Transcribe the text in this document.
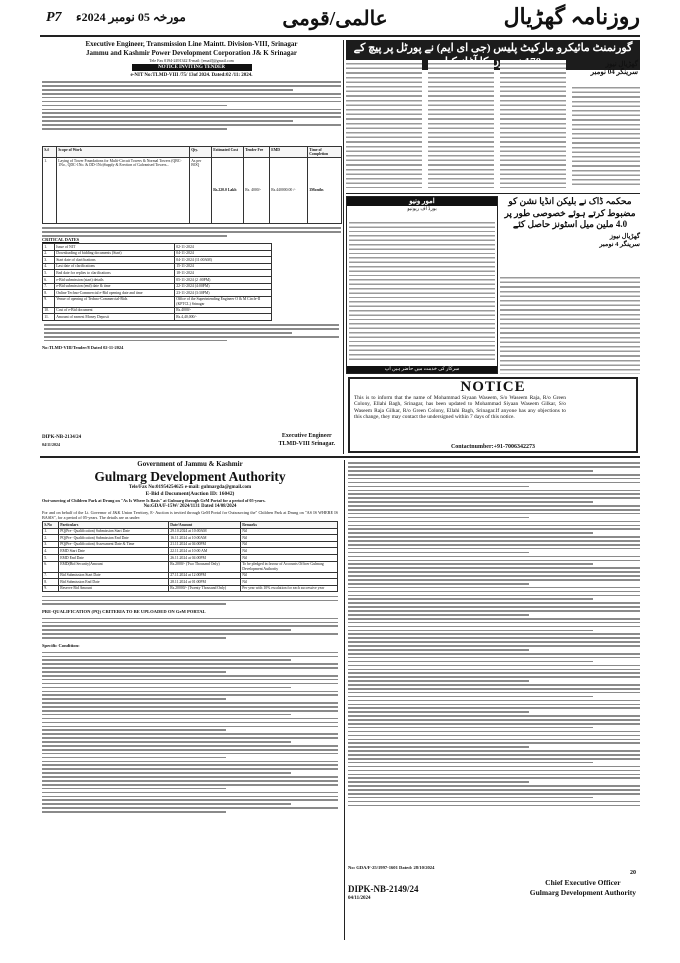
P7 مورخہ 05 نومبر 2024ء	عالمی/قومی	روزنامہ گھڑیال
Executive Engineer, Transmission Line Maintt. Division-VIII, Srinagar
Jammu and Kashmir Power Development Corporation J& K Srinagar
Tele Fax 0194-2491342 E-mail: [email]@gmail.com
NOTICE INVITING TENDER
e-NIT No:TLMD-VIII /75/ 13of 2024. Dated:02 /11: 2024.
S.#	Scope of Work	Qty.	Estimated Cost	Tender Fee	EMD	Time of Completion
1.	Laying of Tower Foundations for Multi-Circuit Towers & Normal Towers (QBC-1No., QDC-1No. & DD-1No)Supply & Erection of Galvanised Towers...	As per BOQ	Rs.220.0 Lakh	Rs. 4000/-	Rs.440000.00 /-	3Months
CRITICAL DATES
1.	Issue of NIT	02-11-2024
2.	Downloading of bidding documents (Start)	04-11-2024
3.	Start date of clarifications	04-11-2024 (11:00AM)
4.	Last date of clarifications	15-11-2024
5.	End date for replies to clarifications	18-11-2024
6.	e-Bid submission (start) details	05-11-2024 (2 :00PM)
7.	e-Bid submission (end) date & time	22-11-2024 (4:00PM)
8.	Online Techno-Commercial e-Bid opening date and time	23-11-2024 (3:30PM)
9.	Venue of opening of Techno-Commercial-Bids	Office of the Superintending Engineer O & M Circle-II (KPTCL) Srinagar
10.	Cost of e-Bid document	Rs.4000/-
11.	Amount of earnest Money Deposit	Rs.4,40,000/-
No:TLMD-VIII/Tender/8 Dated 02-11-2024
DIPK-NB-2134/24
04/11/2024
Executive Engineer
TLMD-VIII Srinagar.
گورنمنٹ مائیکرو مارکیٹ پلیس (جی ای ایم) نے پورٹل پر پیچ کے
گھڑیال نیوز
سرینگر 04 نومبر
امور ونیو
بورڈ آف ریونیو
سرکار کی خدمت میں حاضر ہیں آپ
محکمہ ڈاک نے بلیکن انڈیا نشن کو مضبوط کرتے ہوئے خصوصی طور پر 4.0 ملین میل اسٹونز حاصل کئے
گھڑیال نیوز
سرینگر 4 نومبر
NOTICE
This is to inform that the name of Mohammad Siyaan Waseem, S/o Waseem Raja, R/o Green Colony, Ellahi Bagh, Srinagar, has been updated to Mohammad Siyaan Waseem Gilkar, S/o Waseem Raja Gilkar, R/o Green Colony, Ellahi Bagh, Srinagar.If anyone has any objections to this change, they may contact the undersigned within 7 days of this notice.
Contactnumber:+91-7006342273
Government of Jammu & Kashmir
Gulmarg Development Authority
Tele/Fax No:01954254625 e-mail: gulmargda@gmail.com
E-Bid d Document(Auction ID: 16042)
Out-sourcing of Children Park at Drung on "As Is Where Is Basis" at Gulmarg through GeM Portal for a period of 05-years.
No:GDA/F-15W/ 2024/1131 Dated 14/08/2024
For and on behalf of the Lt. Governor of J&K Union Territory, E- Auction is invited through GeM Portal for Outsourcing the" Children Park at Drung on "AS IS WHERE IS BASIS", for a period of 05-years. The details are as under:
S.No	Particulars	Date/Amount	Remarks
1.	PQ(Pre- Qualification) Submission Start Date	29.10.2024 at 10:00AM	Nil
2.	PQ(Pre- Qualification) Submission End Date	16.11.2024 at 10:00AM	Nil
3.	PQ(Pre- Qualification) Assessment Date & Time	21.11.2024 at 04:00PM	Nil
4.	EMD Start Date	22.11.2024 at 10:00 AM	Nil
5.	EMD End Date	26.11.2024 at 04:00PM	Nil
6.	EMD(Bid Security)Amount	Rs.2000/- (Two Thousand Only)	To be pledged in favour of Accounts Officer Gulmarg Development Authority
7.	Bid Submission Start Date	27.11.2024 at 12:00PM	Nil
8.	Bid Submission End Date	28.11.2024 at 01:00PM	Nil
9.	Reserve Bid Amount	Rs.20000/- (Twenty Thousand Only)	Per year with 10% escalation for each successive year
PRE-QUALIFICATION (PQ) CRITERIA TO BE UPLOADED ON GeM PORTAL
Specific Condition:
No: GDA/F-25/1997-1601 Dated: 28/10/2024
20
DIPK-NB-2149/24
04/11/2024
Chief Executive Officer
Gulmarg Development Authority
